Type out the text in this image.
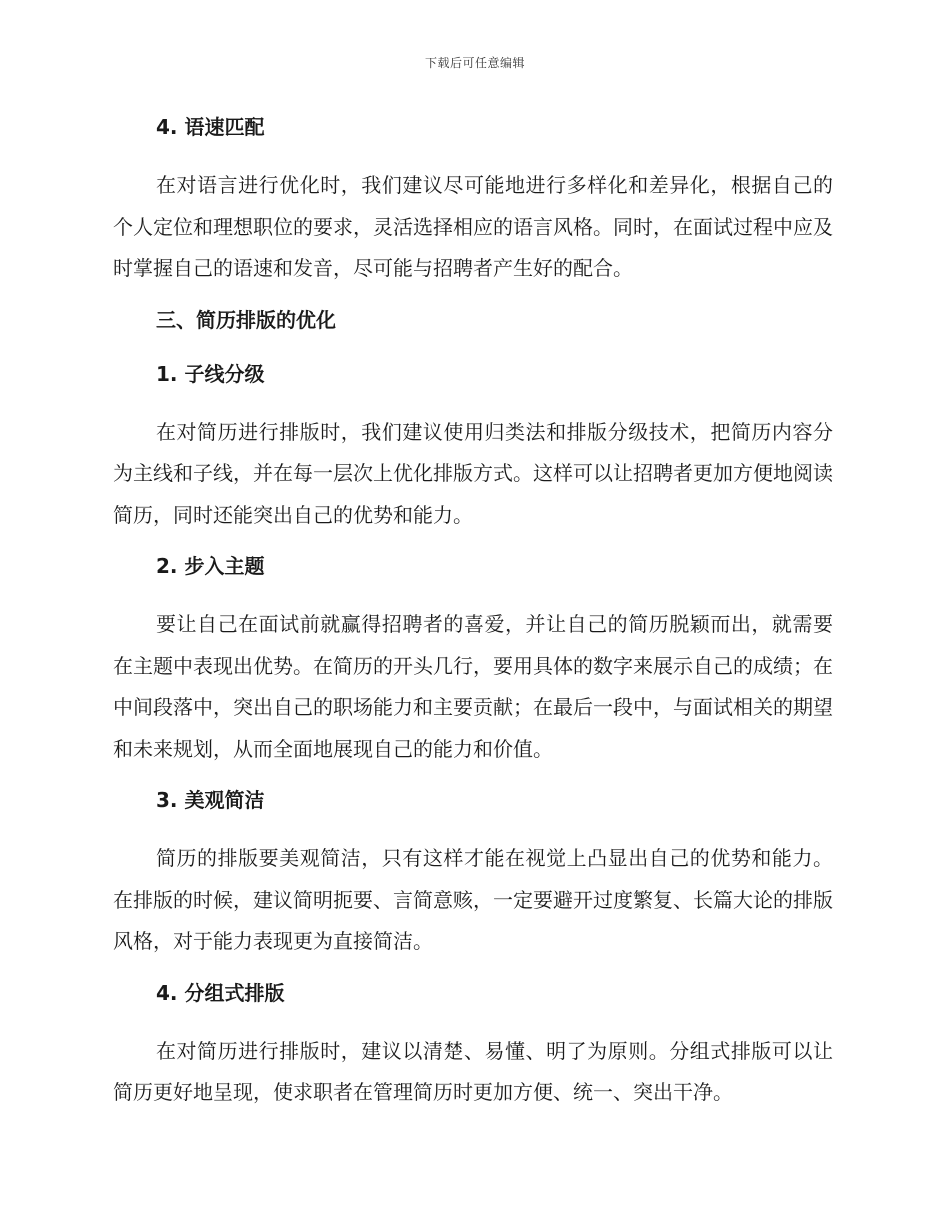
下载后可任意编辑
4. 语速匹配

在对语言进行优化时，我们建议尽可能地进行多样化和差异化，根据自己的个人定位和理想职位的要求，灵活选择相应的语言风格。同时，在面试过程中应及时掌握自己的语速和发音，尽可能与招聘者产生好的配合。

三、简历排版的优化
1. 子线分级

在对简历进行排版时，我们建议使用归类法和排版分级技术，把简历内容分为主线和子线，并在每一层次上优化排版方式。这样可以让招聘者更加方便地阅读简历，同时还能突出自己的优势和能力。

2. 步入主题

要让自己在面试前就赢得招聘者的喜爱，并让自己的简历脱颖而出，就需要在主题中表现出优势。在简历的开头几行，要用具体的数字来展示自己的成绩；在中间段落中，突出自己的职场能力和主要贡献；在最后一段中，与面试相关的期望和未来规划，从而全面地展现自己的能力和价值。

3. 美观简洁

简历的排版要美观简洁，只有这样才能在视觉上凸显出自己的优势和能力。在排版的时候，建议简明扼要、言简意赅，一定要避开过度繁复、长篇大论的排版风格，对于能力表现更为直接简洁。

4. 分组式排版

在对简历进行排版时，建议以清楚、易懂、明了为原则。分组式排版可以让简历更好地呈现，使求职者在管理简历时更加方便、统一、突出干净。
